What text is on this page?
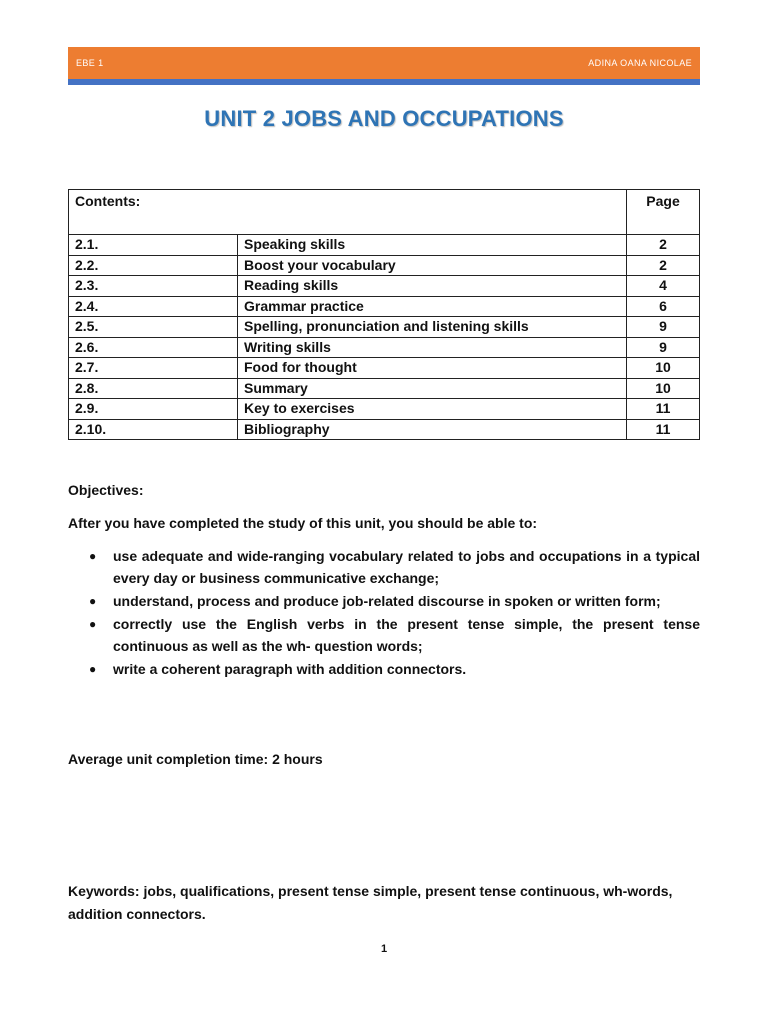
EBE 1	ADINA OANA NICOLAE
UNIT 2 JOBS AND OCCUPATIONS
Contents:		Page
2.1.	Speaking skills	2
2.2.	Boost your vocabulary	2
2.3.	Reading skills	4
2.4.	Grammar practice	6
2.5.	Spelling, pronunciation and listening skills	9
2.6.	Writing skills	9
2.7.	Food for thought	10
2.8.	Summary	10
2.9.	Key to exercises	11
2.10.	Bibliography	11
Objectives:
After you have completed the study of this unit, you should be able to:
● use adequate and wide-ranging vocabulary related to jobs and occupations in a typical every day or business communicative exchange;
● understand, process and produce job-related discourse in spoken or written form;
● correctly use the English verbs in the present tense simple, the present tense continuous as well as the wh- question words;
● write a coherent paragraph with addition connectors.
Average unit completion time: 2 hours
Keywords: jobs, qualifications, present tense simple, present tense continuous, wh-words, addition connectors.
1
